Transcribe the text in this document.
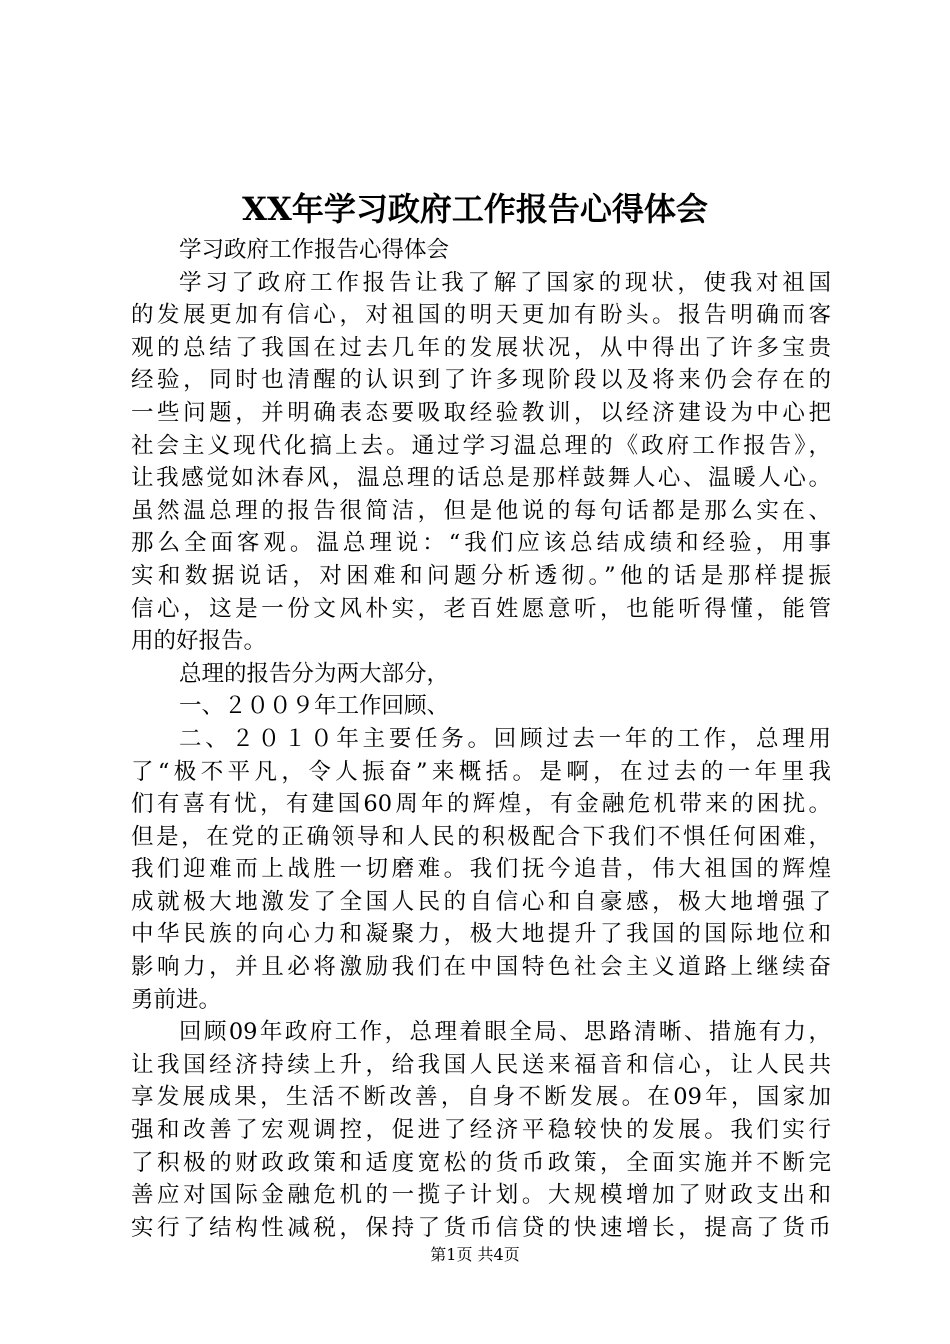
XX年学习政府工作报告心得体会
学习政府工作报告心得体会
学习了政府工作报告让我了解了国家的现状，使我对祖国
的发展更加有信心，对祖国的明天更加有盼头。报告明确而客
观的总结了我国在过去几年的发展状况，从中得出了许多宝贵
经验，同时也清醒的认识到了许多现阶段以及将来仍会存在的
一些问题，并明确表态要吸取经验教训，以经济建设为中心把
社会主义现代化搞上去。通过学习温总理的《政府工作报告》，
让我感觉如沐春风，温总理的话总是那样鼓舞人心、温暖人心。
虽然温总理的报告很简洁，但是他说的每句话都是那么实在、
那么全面客观。温总理说：“我们应该总结成绩和经验，用事
实和数据说话，对困难和问题分析透彻。”他的话是那样提振
信心，这是一份文风朴实，老百姓愿意听，也能听得懂，能管
用的好报告。
总理的报告分为两大部分，
一、２００９年工作回顾、
二、２０１０年主要任务。回顾过去一年的工作，总理用
了“极不平凡，令人振奋”来概括。是啊，在过去的一年里我
们有喜有忧，有建国60周年的辉煌，有金融危机带来的困扰。
但是，在党的正确领导和人民的积极配合下我们不惧任何困难，
我们迎难而上战胜一切磨难。我们抚今追昔，伟大祖国的辉煌
成就极大地激发了全国人民的自信心和自豪感，极大地增强了
中华民族的向心力和凝聚力，极大地提升了我国的国际地位和
影响力，并且必将激励我们在中国特色社会主义道路上继续奋
勇前进。
回顾09年政府工作，总理着眼全局、思路清晰、措施有力，
让我国经济持续上升，给我国人民送来福音和信心，让人民共
享发展成果，生活不断改善，自身不断发展。在09年，国家加
强和改善了宏观调控，促进了经济平稳较快的发展。我们实行
了积极的财政政策和适度宽松的货币政策，全面实施并不断完
善应对国际金融危机的一揽子计划。大规模增加了财政支出和
实行了结构性减税，保持了货币信贷的快速增长，提高了货币
第1页 共4页
